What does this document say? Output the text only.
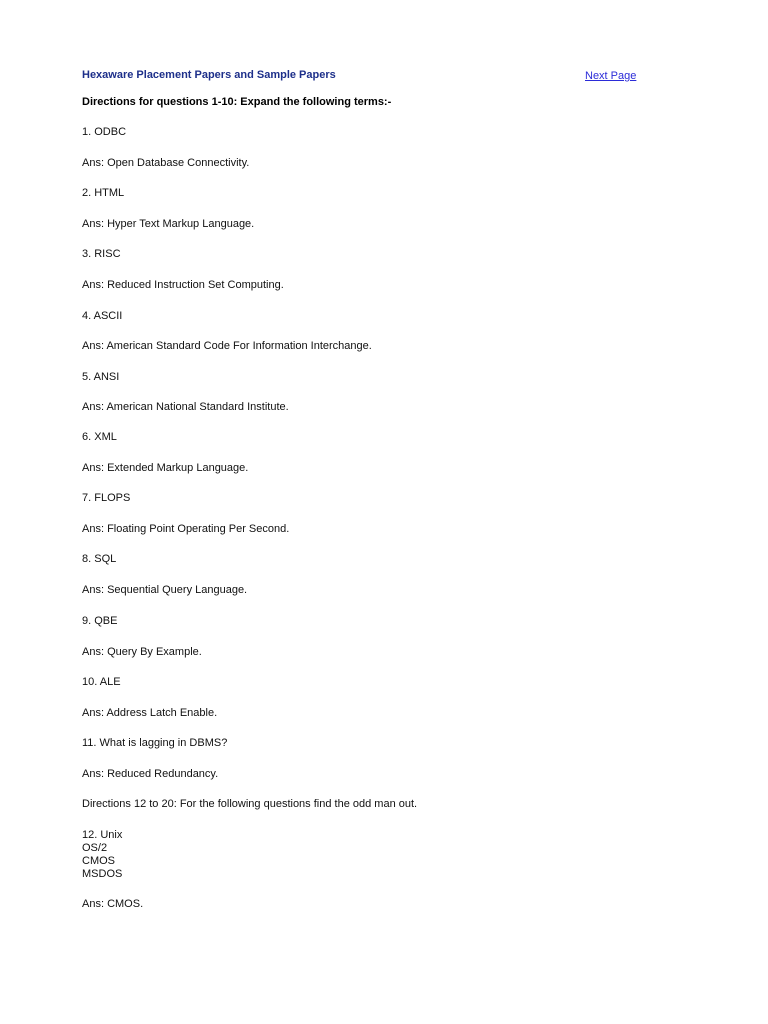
Hexaware Placement Papers and Sample Papers	Next Page
Directions for questions 1-10: Expand the following terms:-
1. ODBC
Ans: Open Database Connectivity.
2. HTML
Ans: Hyper Text Markup Language.
3. RISC
Ans: Reduced Instruction Set Computing.
4. ASCII
Ans: American Standard Code For Information Interchange.
5. ANSI
Ans: American National Standard Institute.
6. XML
Ans: Extended Markup Language.
7. FLOPS
Ans: Floating Point Operating Per Second.
8. SQL
Ans: Sequential Query Language.
9. QBE
Ans: Query By Example.
10. ALE
Ans: Address Latch Enable.
11. What is lagging in DBMS?
Ans: Reduced Redundancy.
Directions 12 to 20: For the following questions find the odd man out.
12. Unix
OS/2
CMOS
MSDOS
Ans: CMOS.
